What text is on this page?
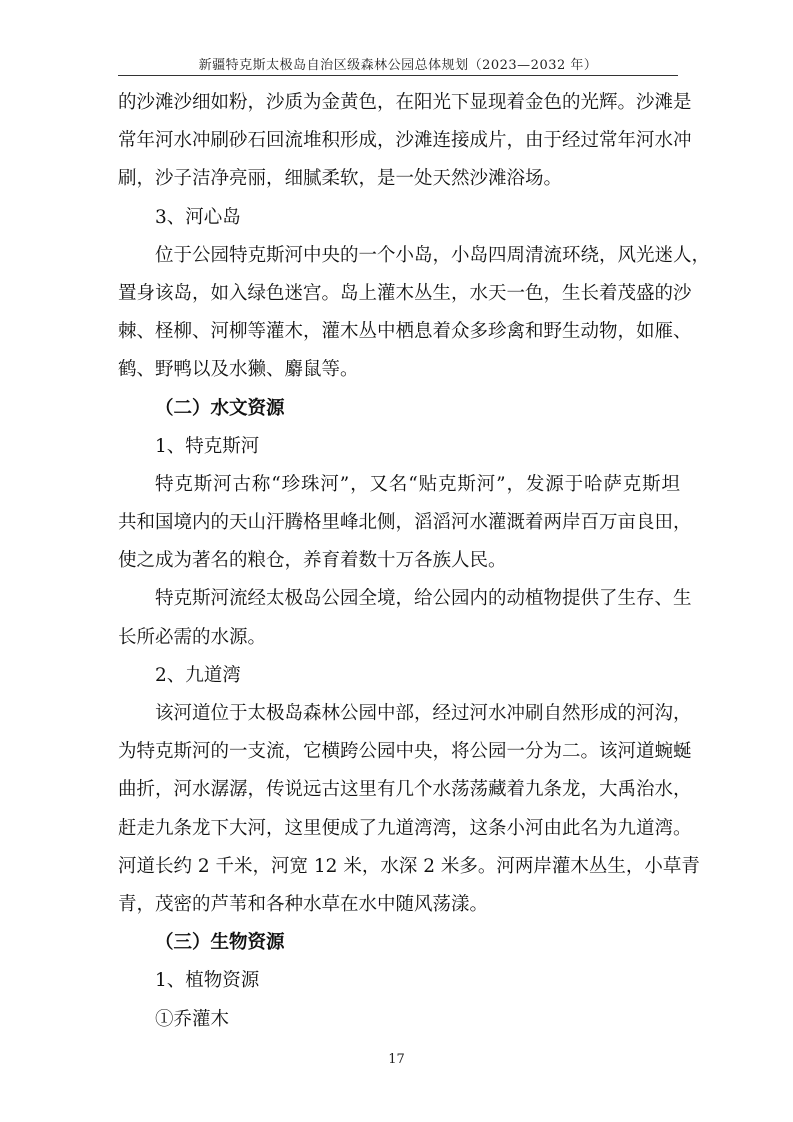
新疆特克斯太极岛自治区级森林公园总体规划（2023—2032 年）
的沙滩沙细如粉，沙质为金黄色，在阳光下显现着金色的光辉。沙滩是
常年河水冲刷砂石回流堆积形成，沙滩连接成片，由于经过常年河水冲
刷，沙子洁净亮丽，细腻柔软，是一处天然沙滩浴场。
3、河心岛
位于公园特克斯河中央的一个小岛，小岛四周清流环绕，风光迷人，
置身该岛，如入绿色迷宫。岛上灌木丛生，水天一色，生长着茂盛的沙
棘、柽柳、河柳等灌木，灌木丛中栖息着众多珍禽和野生动物，如雁、
鹤、野鸭以及水獭、麝鼠等。
（二）水文资源
1、特克斯河
特克斯河古称“珍珠河”，又名“贴克斯河”，发源于哈萨克斯坦
共和国境内的天山汗腾格里峰北侧，滔滔河水灌溉着两岸百万亩良田，
使之成为著名的粮仓，养育着数十万各族人民。
特克斯河流经太极岛公园全境，给公园内的动植物提供了生存、生
长所必需的水源。
2、九道湾
该河道位于太极岛森林公园中部，经过河水冲刷自然形成的河沟，
为特克斯河的一支流，它横跨公园中央，将公园一分为二。该河道蜿蜒
曲折，河水潺潺，传说远古这里有几个水荡荡藏着九条龙，大禹治水，
赶走九条龙下大河，这里便成了九道湾湾，这条小河由此名为九道湾。
河道长约 2 千米，河宽 12 米，水深 2 米多。河两岸灌木丛生，小草青
青，茂密的芦苇和各种水草在水中随风荡漾。
（三）生物资源
1、植物资源
①乔灌木
17
